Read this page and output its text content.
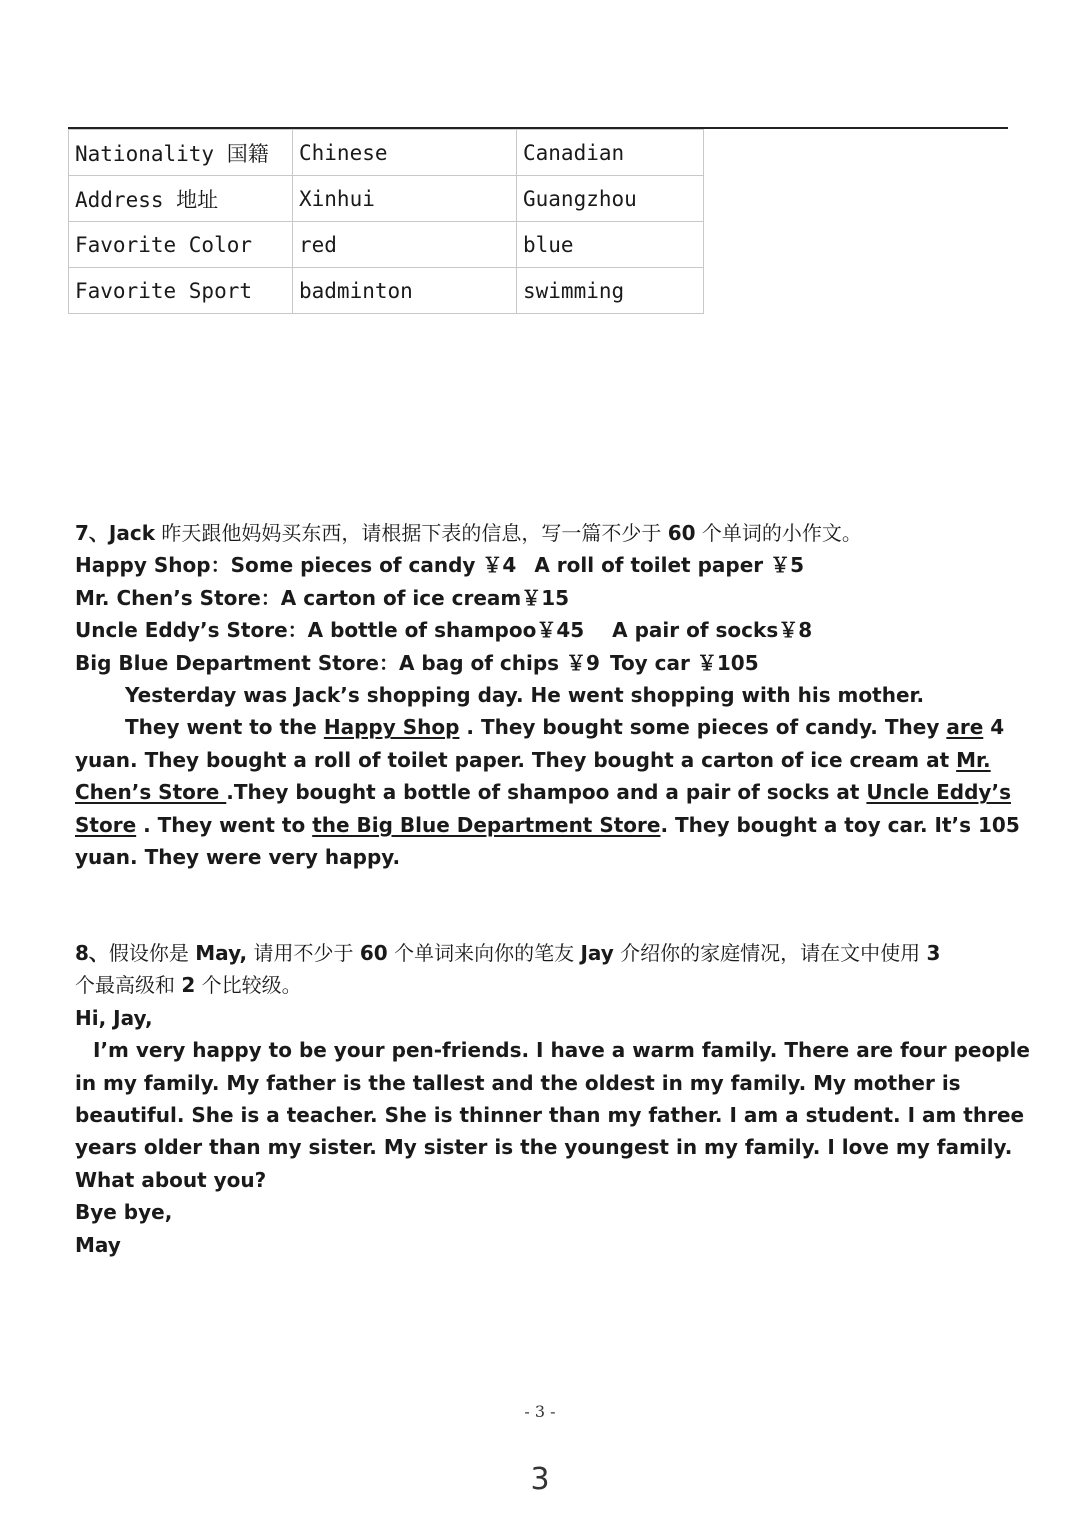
Nationality 国籍	Chinese	Canadian
Address 地址	Xinhui	Guangzhou
Favorite Color	red	blue
Favorite Sport	badminton	swimming
7、Jack 昨天跟他妈妈买东西，请根据下表的信息，写一篇不少于 60 个单词的小作文。
Happy Shop：Some pieces of candy ￥4 A roll of toilet paper ￥5
Mr. Chen’s Store：A carton of ice cream￥15
Uncle Eddy’s Store：A bottle of shampoo￥45 A pair of socks￥8
Big Blue Department Store：A bag of chips ￥9 Toy car ￥105
Yesterday was Jack’s shopping day. He went shopping with his mother.
They went to the Happy Shop . They bought some pieces of candy. They are 4
yuan. They bought a roll of toilet paper. They bought a carton of ice cream at Mr.
Chen’s Store .They bought a bottle of shampoo and a pair of socks at Uncle Eddy’s
Store . They went to the Big Blue Department Store. They bought a toy car. It’s 105
yuan. They were very happy.
8、假设你是 May, 请用不少于 60 个单词来向你的笔友 Jay 介绍你的家庭情况，请在文中使用 3
个最高级和 2 个比较级。
Hi, Jay,
I’m very happy to be your pen-friends. I have a warm family. There are four people
in my family. My father is the tallest and the oldest in my family. My mother is
beautiful. She is a teacher. She is thinner than my father. I am a student. I am three
years older than my sister. My sister is the youngest in my family. I love my family.
What about you?
Bye bye,
May
- 3 -
3
